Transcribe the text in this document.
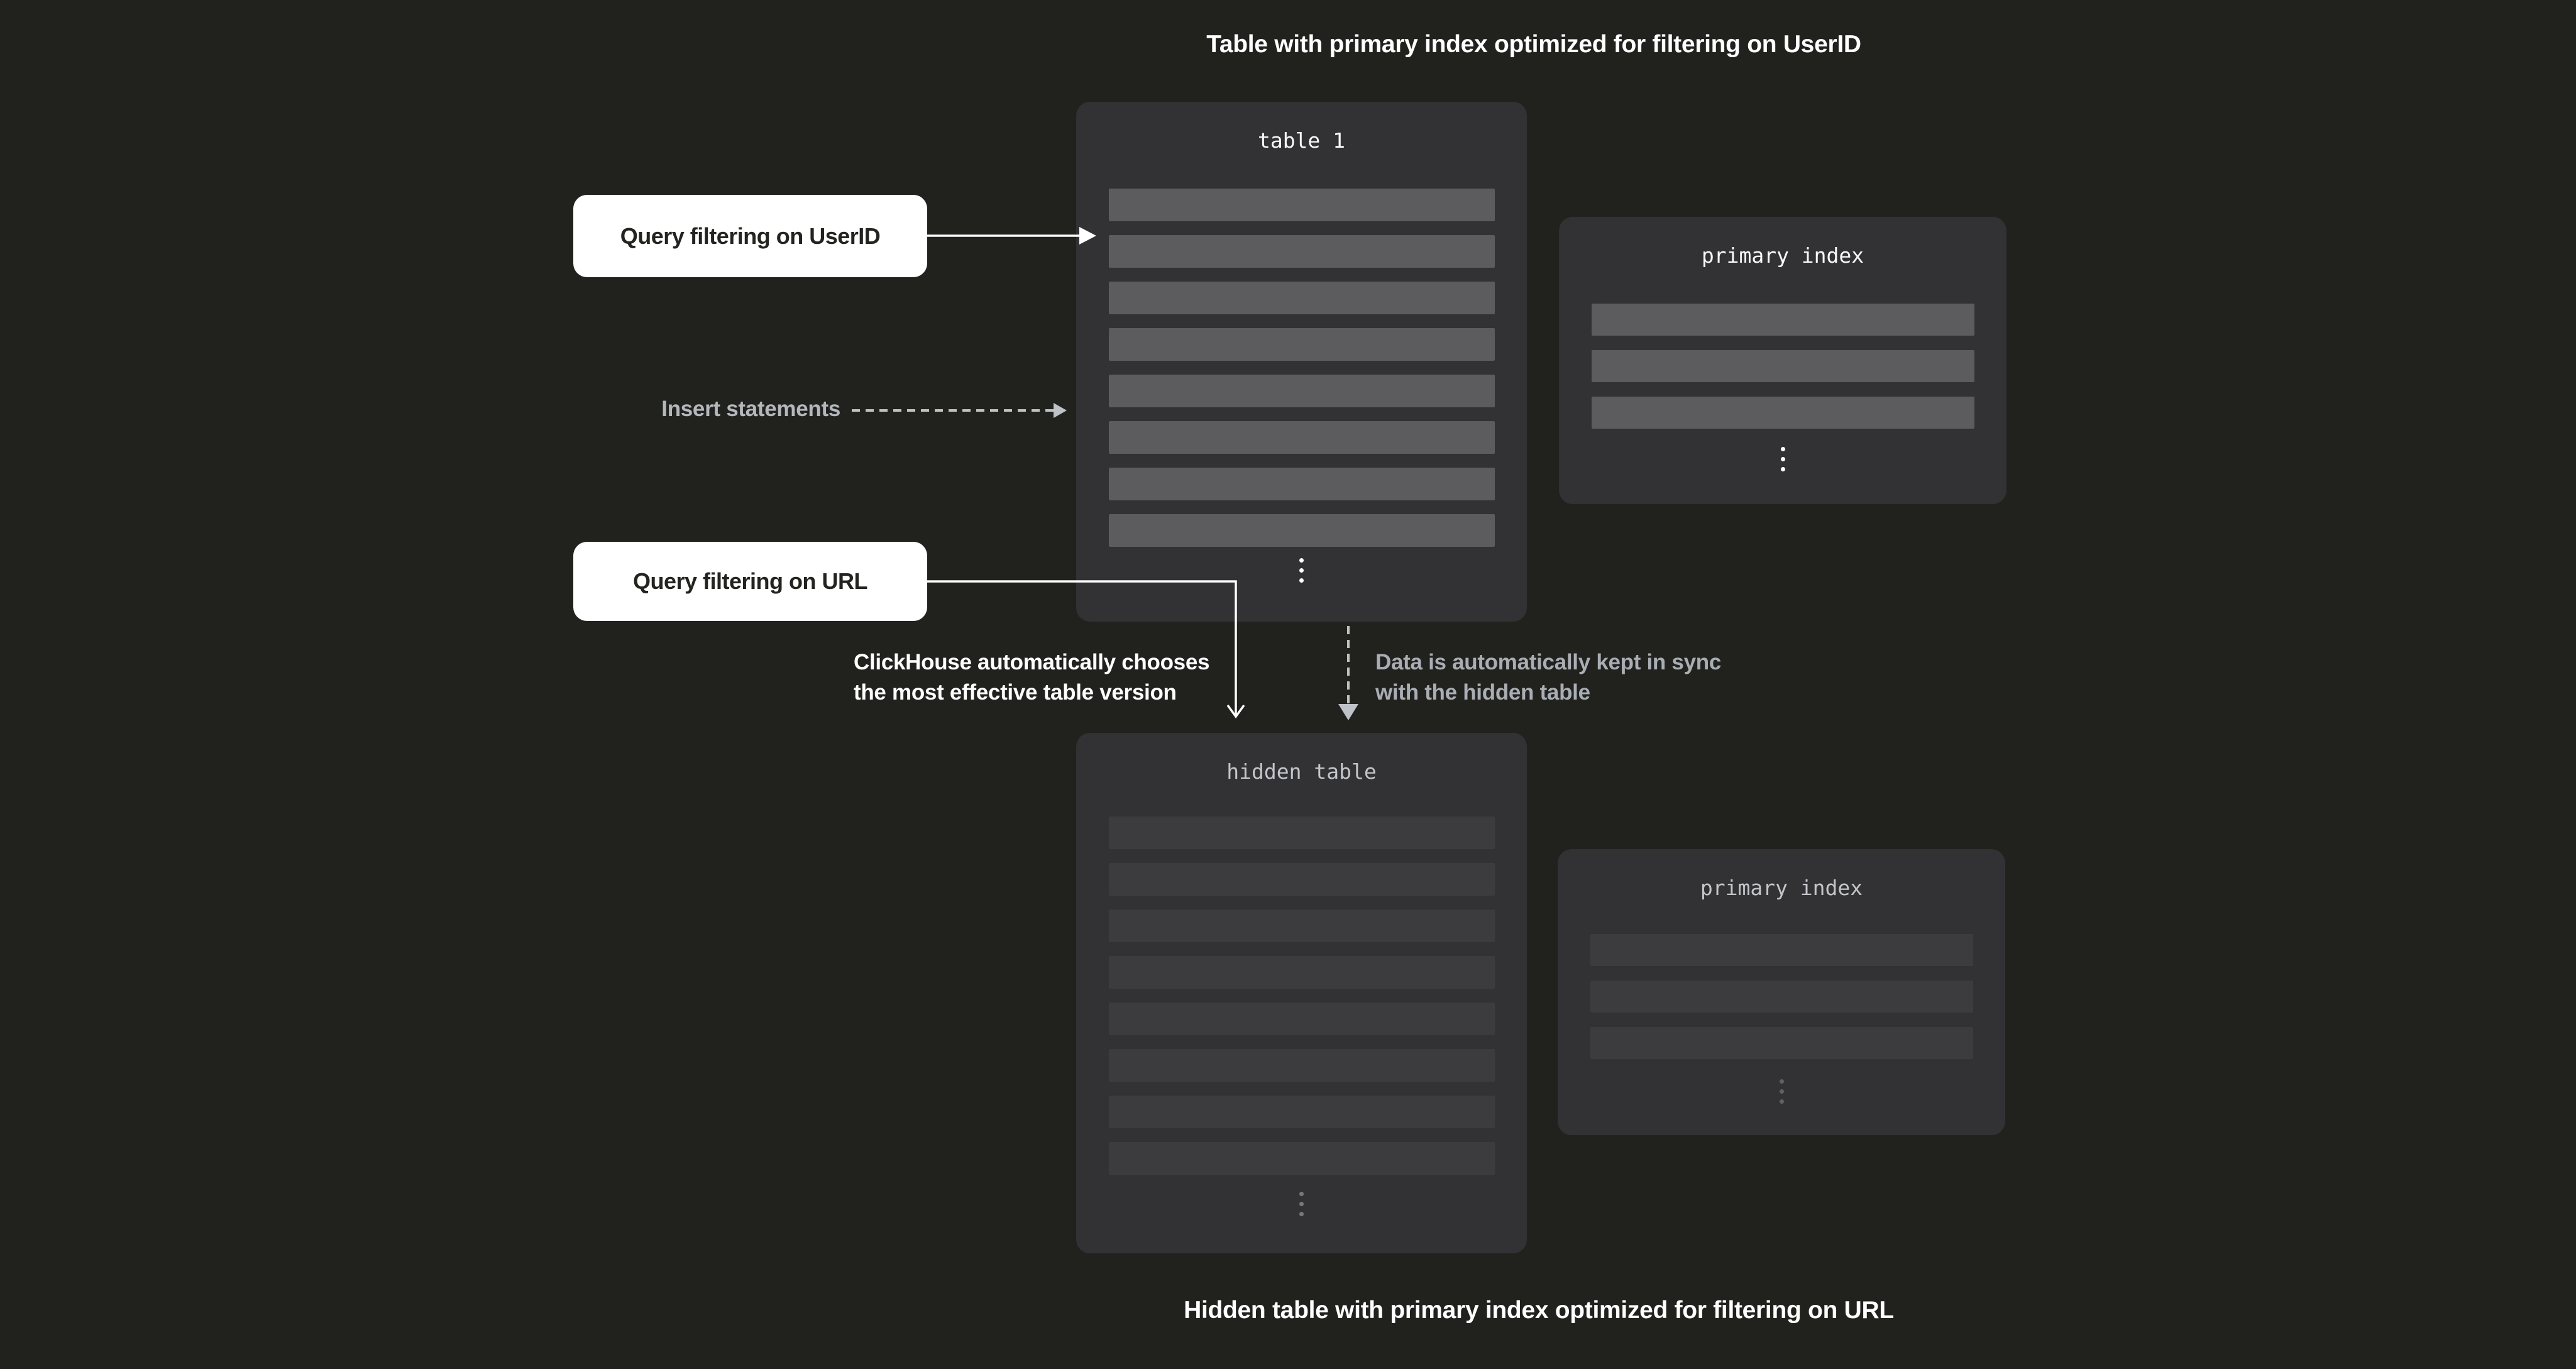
Table with primary index optimized for filtering on UserID
Hidden table with primary index optimized for filtering on URL
table 1
primary index
hidden table
primary index
Query filtering on UserID
Query filtering on URL
Insert statements
ClickHouse automatically chooses
the most effective table version
Data is automatically kept in sync
with the hidden table
